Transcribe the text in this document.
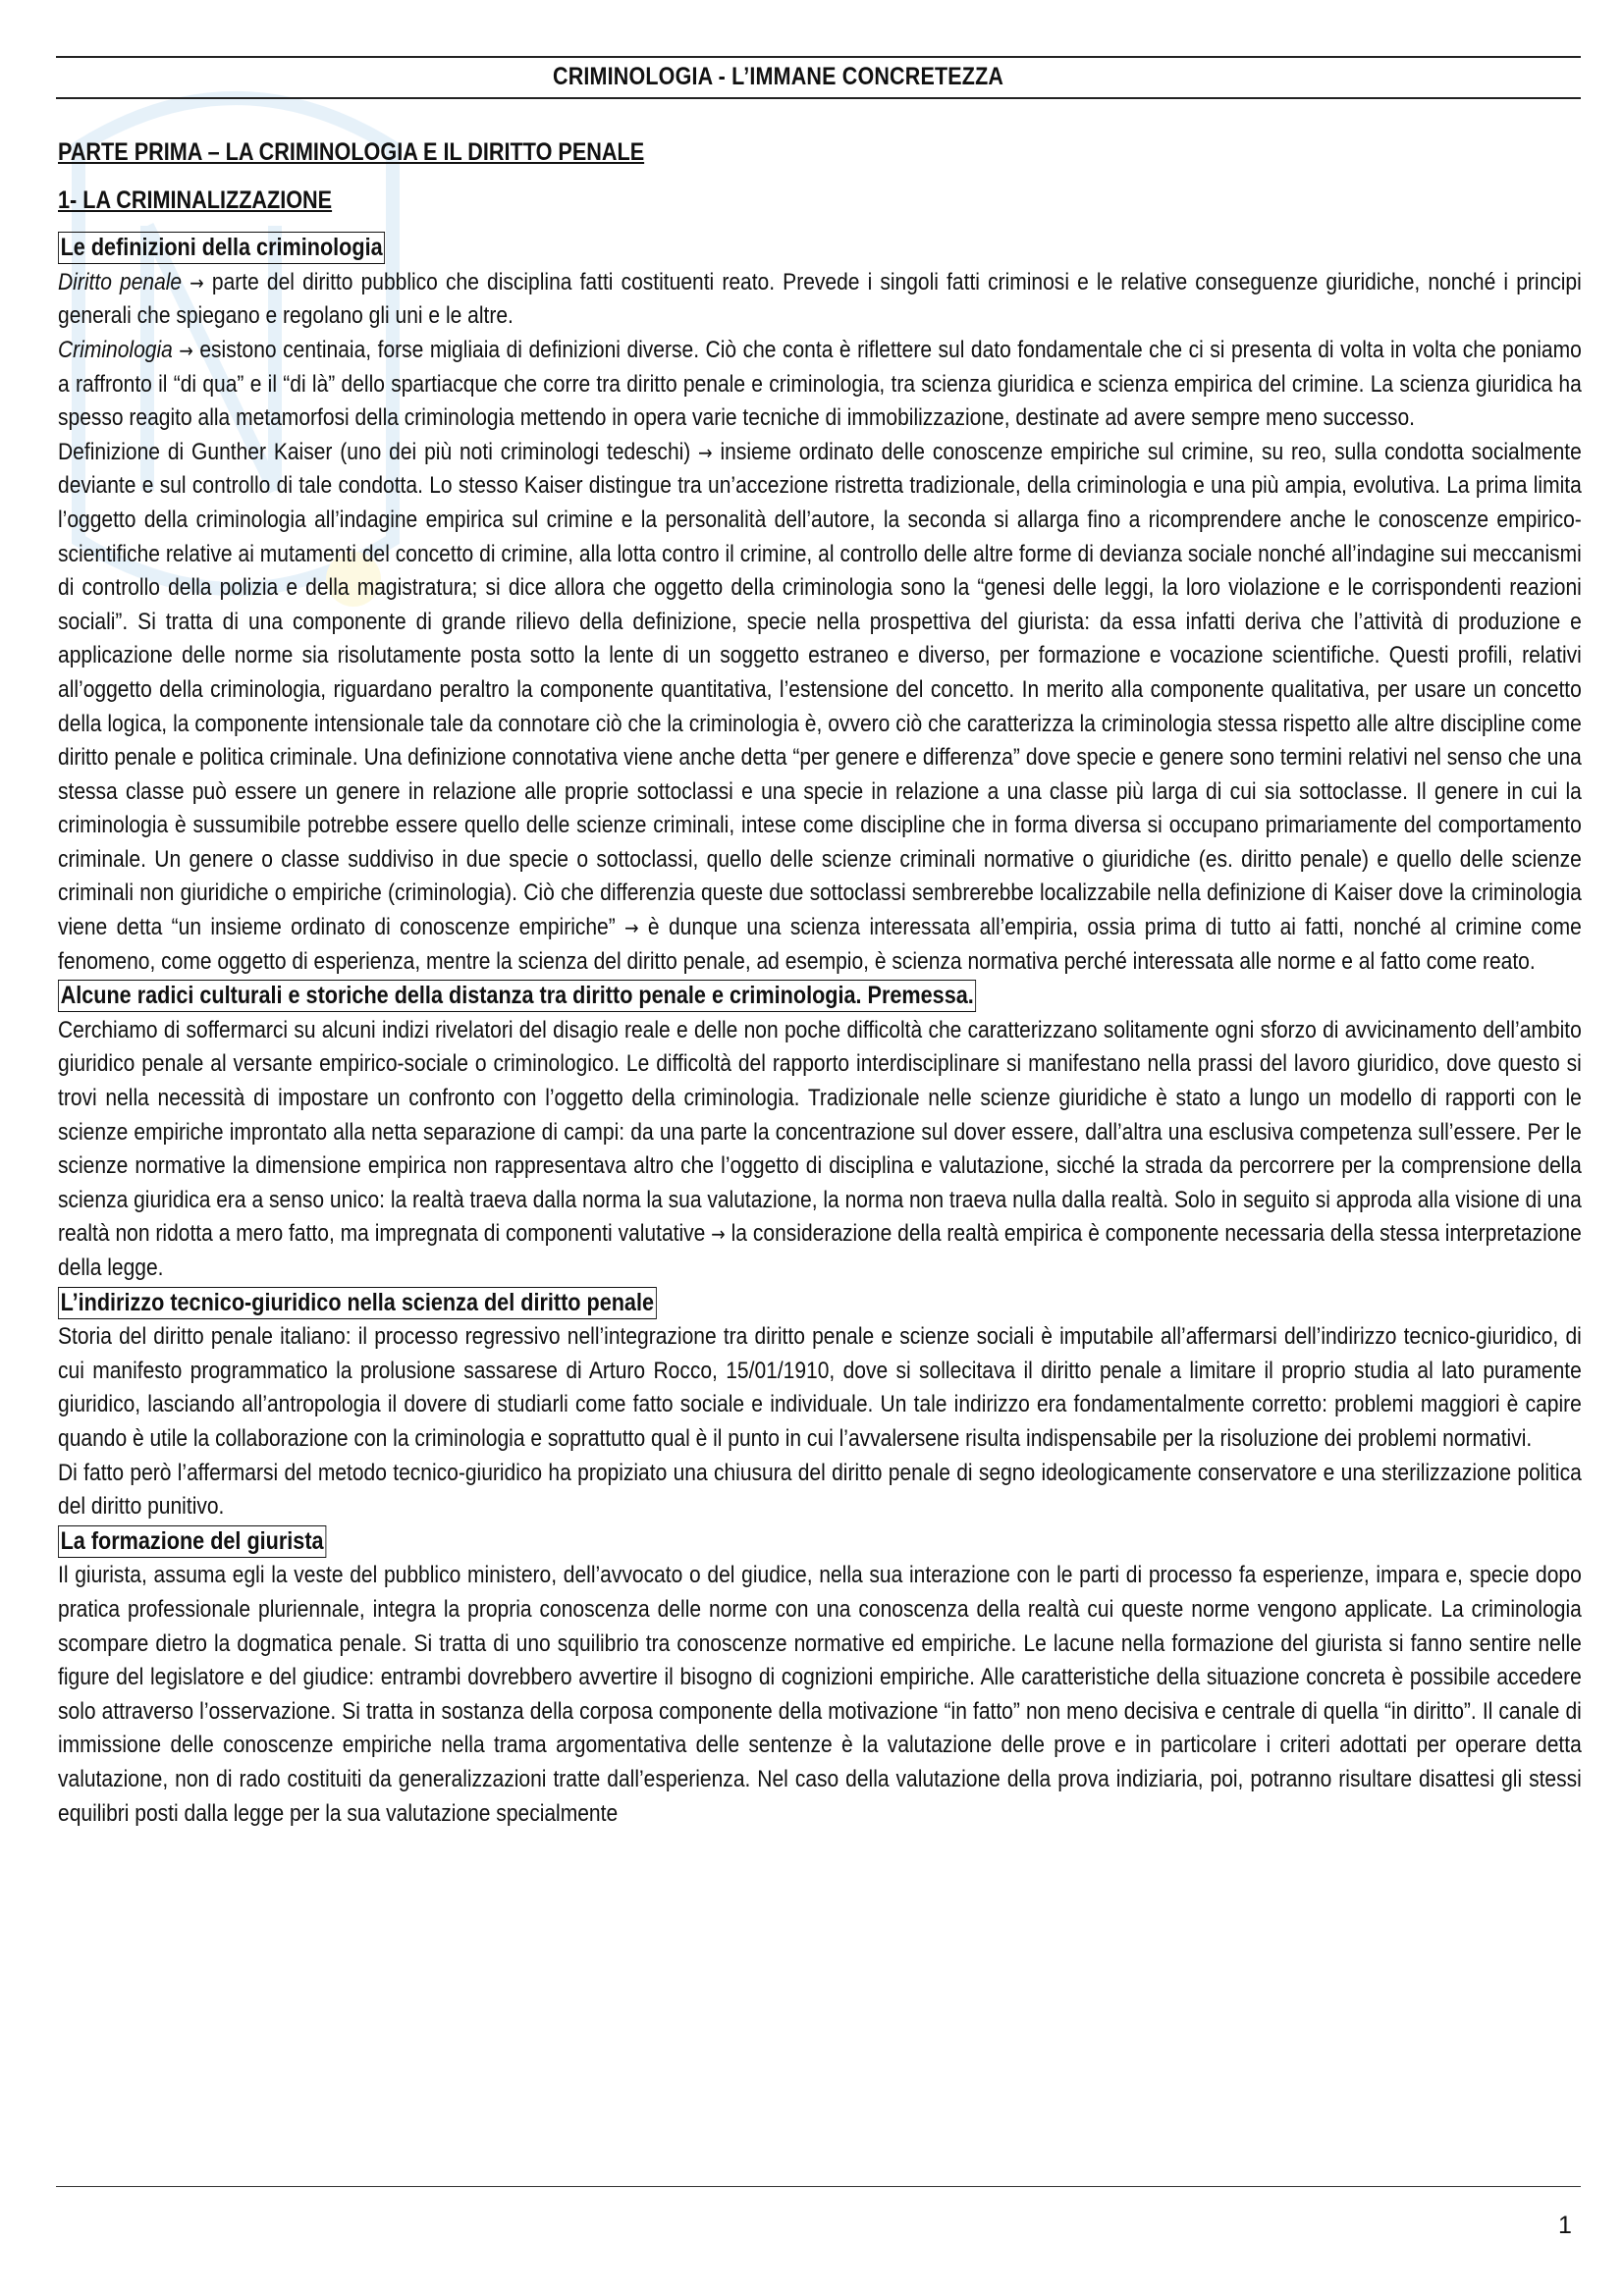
CRIMINOLOGIA - L’IMMANE CONCRETEZZA
PARTE PRIMA – LA CRIMINOLOGIA E IL DIRITTO PENALE
1- LA CRIMINALIZZAZIONE
Le definizioni della criminologia

Diritto penale → parte del diritto pubblico che disciplina fatti costituenti reato. Prevede i singoli fatti criminosi e le relative conseguenze giuridiche, nonché i principi generali che spiegano e regolano gli uni e le altre.

Criminologia → esistono centinaia, forse migliaia di definizioni diverse. Ciò che conta è riflettere sul dato fondamentale che ci si presenta di volta in volta che poniamo a raffronto il “di qua” e il “di là” dello spartiacque che corre tra diritto penale e criminologia, tra scienza giuridica e scienza empirica del crimine. La scienza giuridica ha spesso reagito alla metamorfosi della criminologia mettendo in opera varie tecniche di immobilizzazione, destinate ad avere sempre meno successo.

Definizione di Gunther Kaiser (uno dei più noti criminologi tedeschi) → insieme ordinato delle conoscenze empiriche sul crimine, su reo, sulla condotta socialmente deviante e sul controllo di tale condotta. Lo stesso Kaiser distingue tra un’accezione ristretta tradizionale, della criminologia e una più ampia, evolutiva. La prima limita l’oggetto della criminologia all’indagine empirica sul crimine e la personalità dell’autore, la seconda si allarga fino a ricomprendere anche le conoscenze empirico-scientifiche relative ai mutamenti del concetto di crimine, alla lotta contro il crimine, al controllo delle altre forme di devianza sociale nonché all’indagine sui meccanismi di controllo della polizia e della magistratura; si dice allora che oggetto della criminologia sono la “genesi delle leggi, la loro violazione e le corrispondenti reazioni sociali”. Si tratta di una componente di grande rilievo della definizione, specie nella prospettiva del giurista: da essa infatti deriva che l’attività di produzione e applicazione delle norme sia risolutamente posta sotto la lente di un soggetto estraneo e diverso, per formazione e vocazione scientifiche. Questi profili, relativi all’oggetto della criminologia, riguardano peraltro la componente quantitativa, l’estensione del concetto. In merito alla componente qualitativa, per usare un concetto della logica, la componente intensionale tale da connotare ciò che la criminologia è, ovvero ciò che caratterizza la criminologia stessa rispetto alle altre discipline come diritto penale e politica criminale. Una definizione connotativa viene anche detta “per genere e differenza” dove specie e genere sono termini relativi nel senso che una stessa classe può essere un genere in relazione alle proprie sottoclassi e una specie in relazione a una classe più larga di cui sia sottoclasse. Il genere in cui la criminologia è sussumibile potrebbe essere quello delle scienze criminali, intese come discipline che in forma diversa si occupano primariamente del comportamento criminale. Un genere o classe suddiviso in due specie o sottoclassi, quello delle scienze criminali normative o giuridiche (es. diritto penale) e quello delle scienze criminali non giuridiche o empiriche (criminologia). Ciò che differenzia queste due sottoclassi sembrerebbe localizzabile nella definizione di Kaiser dove la criminologia viene detta “un insieme ordinato di conoscenze empiriche” → è dunque una scienza interessata all’empiria, ossia prima di tutto ai fatti, nonché al crimine come fenomeno, come oggetto di esperienza, mentre la scienza del diritto penale, ad esempio, è scienza normativa perché interessata alle norme e al fatto come reato.

Alcune radici culturali e storiche della distanza tra diritto penale e criminologia. Premessa.

Cerchiamo di soffermarci su alcuni indizi rivelatori del disagio reale e delle non poche difficoltà che caratterizzano solitamente ogni sforzo di avvicinamento dell’ambito giuridico penale al versante empirico-sociale o criminologico. Le difficoltà del rapporto interdisciplinare si manifestano nella prassi del lavoro giuridico, dove questo si trovi nella necessità di impostare un confronto con l’oggetto della criminologia. Tradizionale nelle scienze giuridiche è stato a lungo un modello di rapporti con le scienze empiriche improntato alla netta separazione di campi: da una parte la concentrazione sul dover essere, dall’altra una esclusiva competenza sull’essere. Per le scienze normative la dimensione empirica non rappresentava altro che l’oggetto di disciplina e valutazione, sicché la strada da percorrere per la comprensione della scienza giuridica era a senso unico: la realtà traeva dalla norma la sua valutazione, la norma non traeva nulla dalla realtà. Solo in seguito si approda alla visione di una realtà non ridotta a mero fatto, ma impregnata di componenti valutative → la considerazione della realtà empirica è componente necessaria della stessa interpretazione della legge.

L’indirizzo tecnico-giuridico nella scienza del diritto penale

Storia del diritto penale italiano: il processo regressivo nell’integrazione tra diritto penale e scienze sociali è imputabile all’affermarsi dell’indirizzo tecnico-giuridico, di cui manifesto programmatico la prolusione sassarese di Arturo Rocco, 15/01/1910, dove si sollecitava il diritto penale a limitare il proprio studia al lato puramente giuridico, lasciando all’antropologia il dovere di studiarli come fatto sociale e individuale. Un tale indirizzo era fondamentalmente corretto: problemi maggiori è capire quando è utile la collaborazione con la criminologia e soprattutto qual è il punto in cui l’avvalersene risulta indispensabile per la risoluzione dei problemi normativi.

Di fatto però l’affermarsi del metodo tecnico-giuridico ha propiziato una chiusura del diritto penale di segno ideologicamente conservatore e una sterilizzazione politica del diritto punitivo.

La formazione del giurista

Il giurista, assuma egli la veste del pubblico ministero, dell’avvocato o del giudice, nella sua interazione con le parti di processo fa esperienze, impara e, specie dopo pratica professionale pluriennale, integra la propria conoscenza delle norme con una conoscenza della realtà cui queste norme vengono applicate. La criminologia scompare dietro la dogmatica penale. Si tratta di uno squilibrio tra conoscenze normative ed empiriche. Le lacune nella formazione del giurista si fanno sentire nelle figure del legislatore e del giudice: entrambi dovrebbero avvertire il bisogno di cognizioni empiriche. Alle caratteristiche della situazione concreta è possibile accedere solo attraverso l’osservazione. Si tratta in sostanza della corposa componente della motivazione “in fatto” non meno decisiva e centrale di quella “in diritto”. Il canale di immissione delle conoscenze empiriche nella trama argomentativa delle sentenze è la valutazione delle prove e in particolare i criteri adottati per operare detta valutazione, non di rado costituiti da generalizzazioni tratte dall’esperienza. Nel caso della valutazione della prova indiziaria, poi, potranno risultare disattesi gli stessi equilibri posti dalla legge per la sua valutazione specialmente

1
